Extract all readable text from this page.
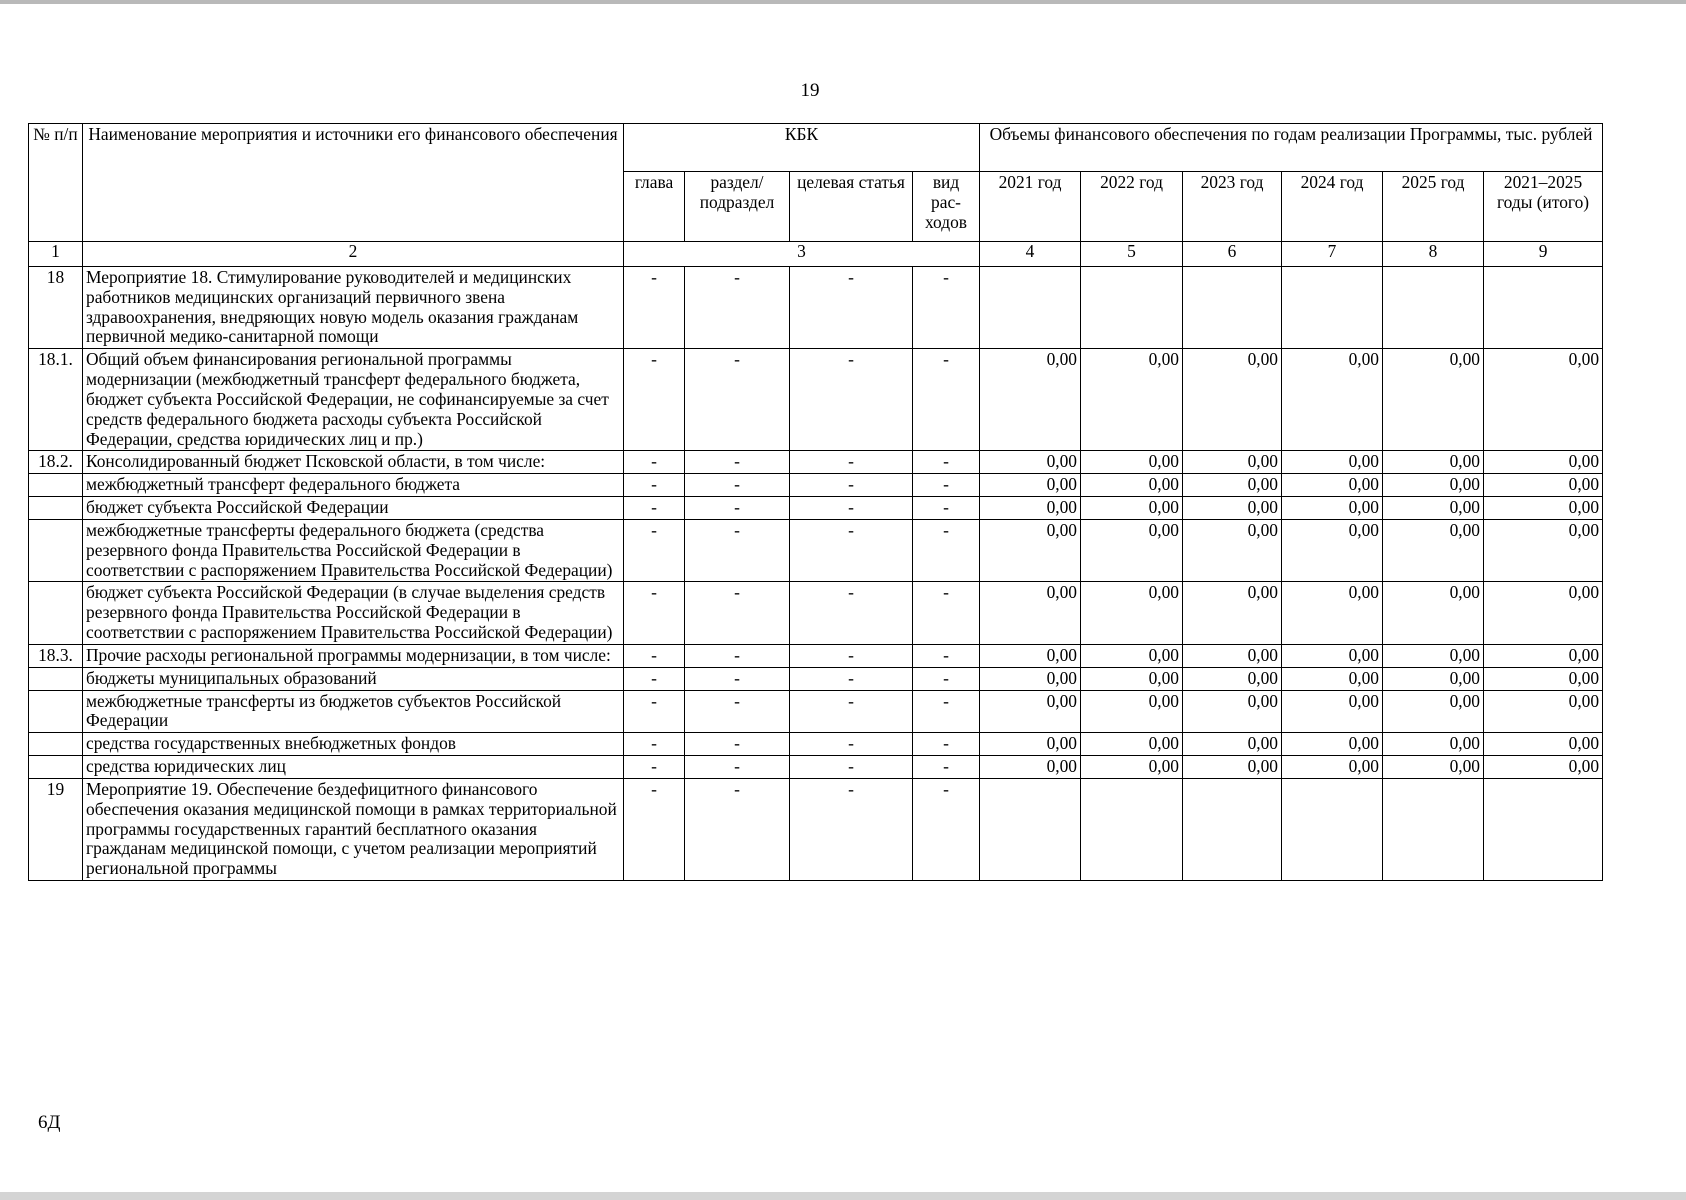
19
№ п/п	Наименование мероприятия и источники его финансового обеспечения	КБК				Объемы финансового обеспечения по годам реализации Программы, тыс. рублей					
		глава	раздел/ подраздел	целевая статья	вид рас- ходов	2021 год	2022 год	2023 год	2024 год	2025 год	2021–2025 годы (итого)
1	2	3				4	5	6	7	8	9
18	Мероприятие 18. Стимулирование руководителей и медицинских работников медицинских организаций первичного звена здравоохранения, внедряющих новую модель оказания гражданам первичной медико-санитарной помощи	-	-	-	-						
18.1.	Общий объем финансирования региональной программы модернизации (межбюджетный трансферт федерального бюджета, бюджет субъекта Российской Федерации, не софинансируемые за счет средств федерального бюджета расходы субъекта Российской Федерации, средства юридических лиц и пр.)	-	-	-	-	0,00	0,00	0,00	0,00	0,00	0,00
18.2.	Консолидированный бюджет Псковской области, в том числе:	-	-	-	-	0,00	0,00	0,00	0,00	0,00	0,00
	межбюджетный трансферт федерального бюджета	-	-	-	-	0,00	0,00	0,00	0,00	0,00	0,00
	бюджет субъекта Российской Федерации	-	-	-	-	0,00	0,00	0,00	0,00	0,00	0,00
	межбюджетные трансферты федерального бюджета (средства резервного фонда Правительства Российской Федерации в соответствии с распоряжением Правительства Российской Федерации)	-	-	-	-	0,00	0,00	0,00	0,00	0,00	0,00
	бюджет субъекта Российской Федерации (в случае выделения средств резервного фонда Правительства Российской Федерации в соответствии с распоряжением Правительства Российской Федерации)	-	-	-	-	0,00	0,00	0,00	0,00	0,00	0,00
18.3.	Прочие расходы региональной программы модернизации, в том числе:	-	-	-	-	0,00	0,00	0,00	0,00	0,00	0,00
	бюджеты муниципальных образований	-	-	-	-	0,00	0,00	0,00	0,00	0,00	0,00
	межбюджетные трансферты из бюджетов субъектов Российской Федерации	-	-	-	-	0,00	0,00	0,00	0,00	0,00	0,00
	средства государственных внебюджетных фондов	-	-	-	-	0,00	0,00	0,00	0,00	0,00	0,00
	средства юридических лиц	-	-	-	-	0,00	0,00	0,00	0,00	0,00	0,00
19	Мероприятие 19. Обеспечение бездефицитного финансового обеспечения оказания медицинской помощи в рамках территориальной программы государственных гарантий бесплатного оказания гражданам медицинской помощи, с учетом реализации мероприятий региональной программы	-	-	-	-						
6Д
